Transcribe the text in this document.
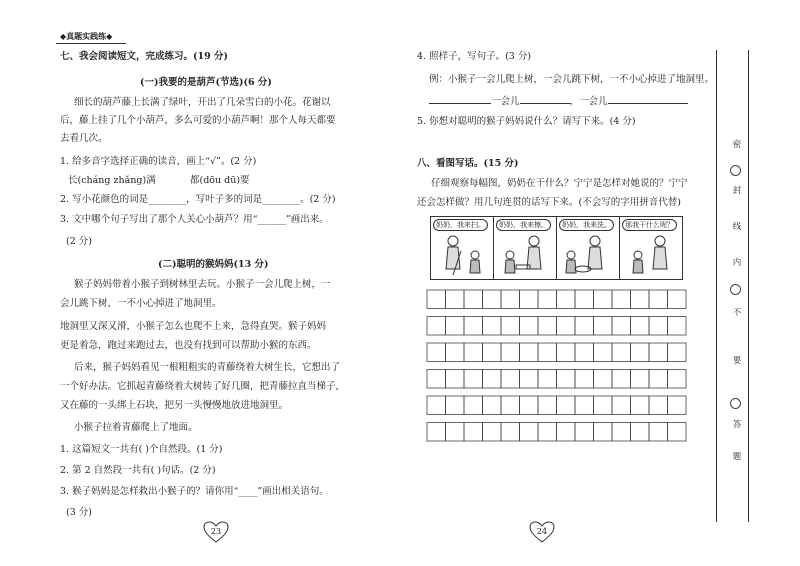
◆真题实践练◆
七、我会阅读短文，完成练习。(19 分)
(一)我要的是葫芦(节选)(6 分)
细长的葫芦藤上长满了绿叶，开出了几朵雪白的小花。花谢以
后，藤上挂了几个小葫芦，多么可爱的小葫芦啊！那个人每天都要
去看几次。
1. 给多音字选择正确的读音，画上“√”。(2 分)
长(cháng zhǎng)满	都(dōu dū)要
2. 写小花颜色的词是________，写叶子多的词是________。(2 分)
3. 文中哪个句子写出了那个人关心小葫芦？用“______”画出来。
(2 分)
(二)聪明的猴妈妈(13 分)
猴子妈妈带着小猴子到树林里去玩。小猴子一会儿爬上树，一
会儿跳下树，一不小心掉进了地洞里。
地洞里又深又滑，小猴子怎么也爬不上来，急得直哭。猴子妈妈
更是着急，跑过来跑过去，也没有找到可以帮助小猴的东西。
后来，猴子妈妈看见一根粗粗实的青藤绕着大树生长，它想出了
一个好办法。它抓起青藤绕着大树转了好几圈，把青藤拉直当梯子，
又在藤的一头绑上石块，把另一头慢慢地放进地洞里。
小猴子拉着青藤爬上了地面。
1. 这篇短文一共有( )个自然段。(1 分)
2. 第 2 自然段一共有( )句话。(2 分)
3. 猴子妈妈是怎样救出小猴子的？请你用“____”画出相关语句。
(3 分)
23
4. 照样子，写句子。(3 分)
例：小猴子一会儿爬上树，一会儿跳下树，一不小心掉进了地洞里。
一会儿	，一会儿
5. 你想对聪明的猴子妈妈说什么？请写下来。(4 分)
八、看图写话。(15 分)
仔细观察每幅图，奶奶在干什么？宁宁是怎样对她说的？宁宁
还会怎样做？用几句连贯的话写下来。(不会写的字用拼音代替)
奶奶，我来扫。	奶奶，我来擦。	奶奶，我来洗。	那我干什么呢？
24
密
封
线
内
不
要
答
题
